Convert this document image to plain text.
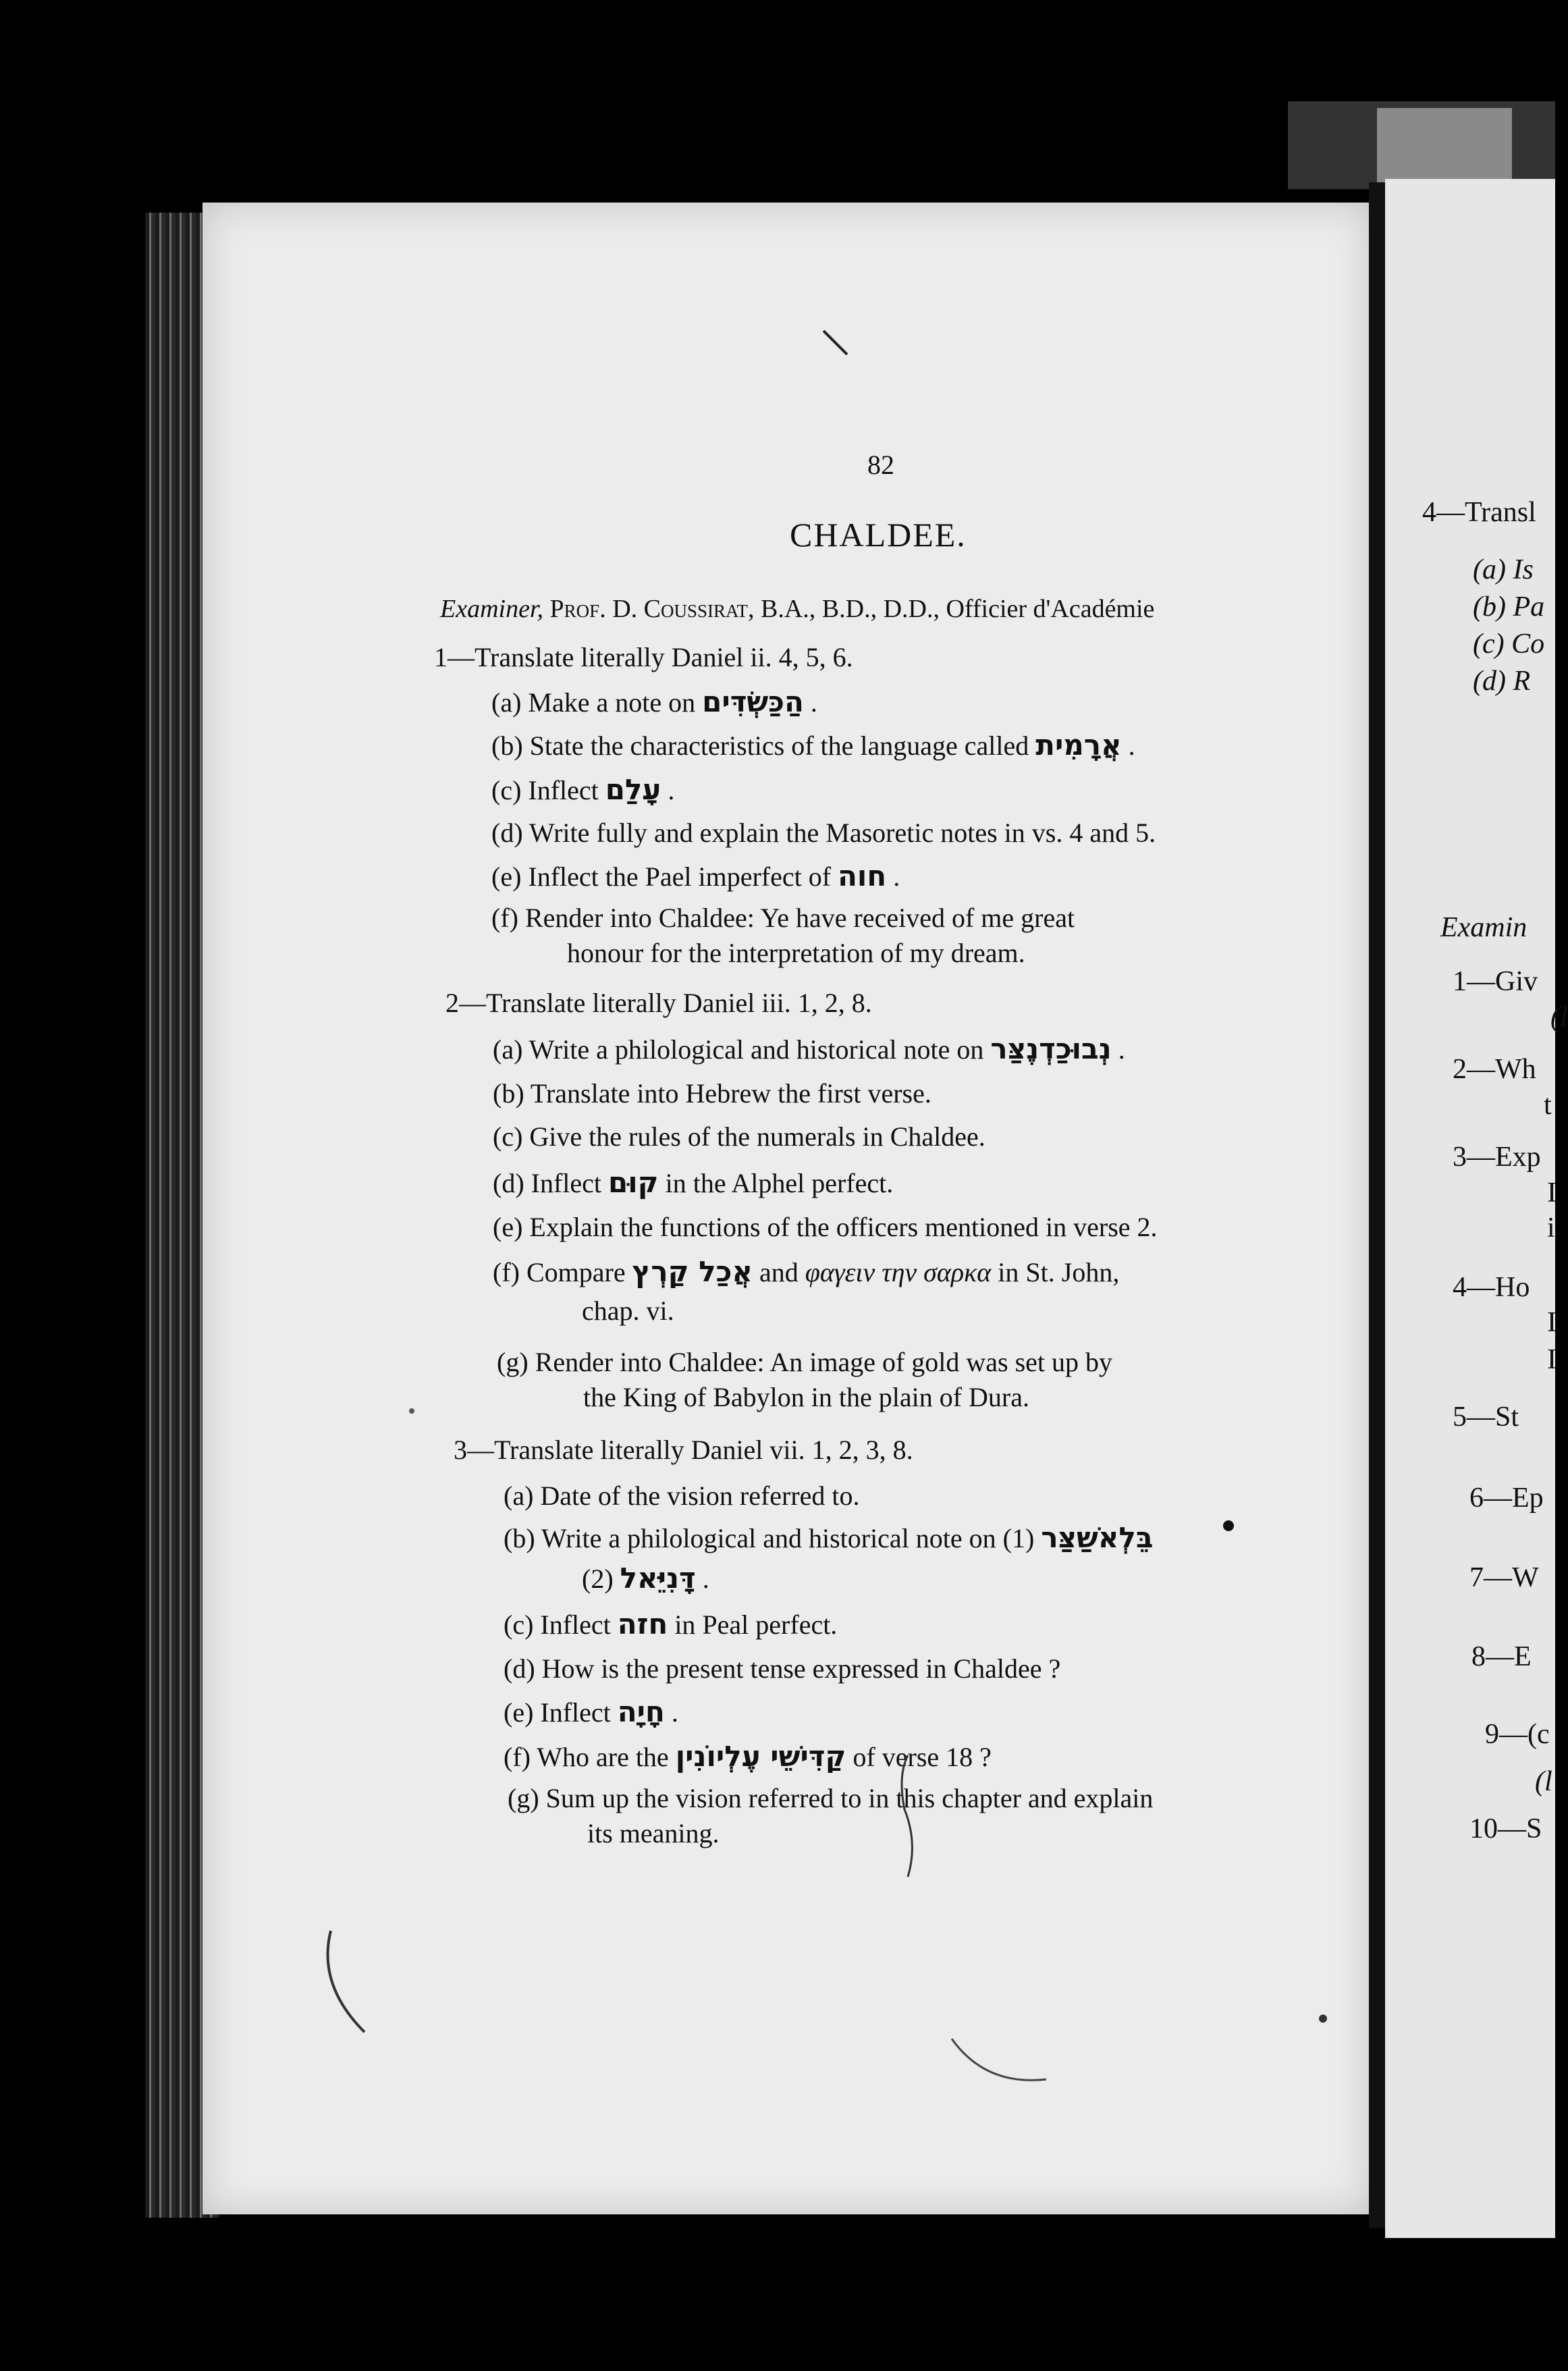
82
CHALDEE.
Examiner, Prof. D. Coussirat, B.A., B.D., D.D., Officier d'Académie
1—Translate literally Daniel ii. 4, 5, 6.
(a) Make a note on הַכַּשְׂדִּים .
(b) State the characteristics of the language called אֲרָמִית .
(c) Inflect עָלַם .
(d) Write fully and explain the Masoretic notes in vs. 4 and 5.
(e) Inflect the Pael imperfect of חוה .
(f) Render into Chaldee: Ye have received of me great
honour for the interpretation of my dream.
2—Translate literally Daniel iii. 1, 2, 8.
(a) Write a philological and historical note on נְבוּכַדְנֶצַּר .
(b) Translate into Hebrew the first verse.
(c) Give the rules of the numerals in Chaldee.
(d) Inflect קוּם in the Alphel perfect.
(e) Explain the functions of the officers mentioned in verse 2.
(f) Compare אֲכַל קַרְץ and φαγειν την σαρκα in St. John,
chap. vi.
(g) Render into Chaldee: An image of gold was set up by
the King of Babylon in the plain of Dura.
3—Translate literally Daniel vii. 1, 2, 3, 8.
(a) Date of the vision referred to.
(b) Write a philological and historical note on (1) בֵּלְאשַׁצַּר
(2) דָּנִיֵּאל .
(c) Inflect חזה in Peal perfect.
(d) How is the present tense expressed in Chaldee ?
(e) Inflect חָיָה .
(f) Who are the קַדִּישֵׁי עֶלְיוֹנִין of verse 18 ?
(g) Sum up the vision referred to in this chapter and explain
its meaning.
4—Transl
(a) Is
(b) Pa
(c) Co
(d) R
Examin
1—Giv
(l
2—Wh
t
3—Exp
I
i
4—Ho
I
I
5—St
6—Ep
7—W
8—E
9—(c
(l
10—S
